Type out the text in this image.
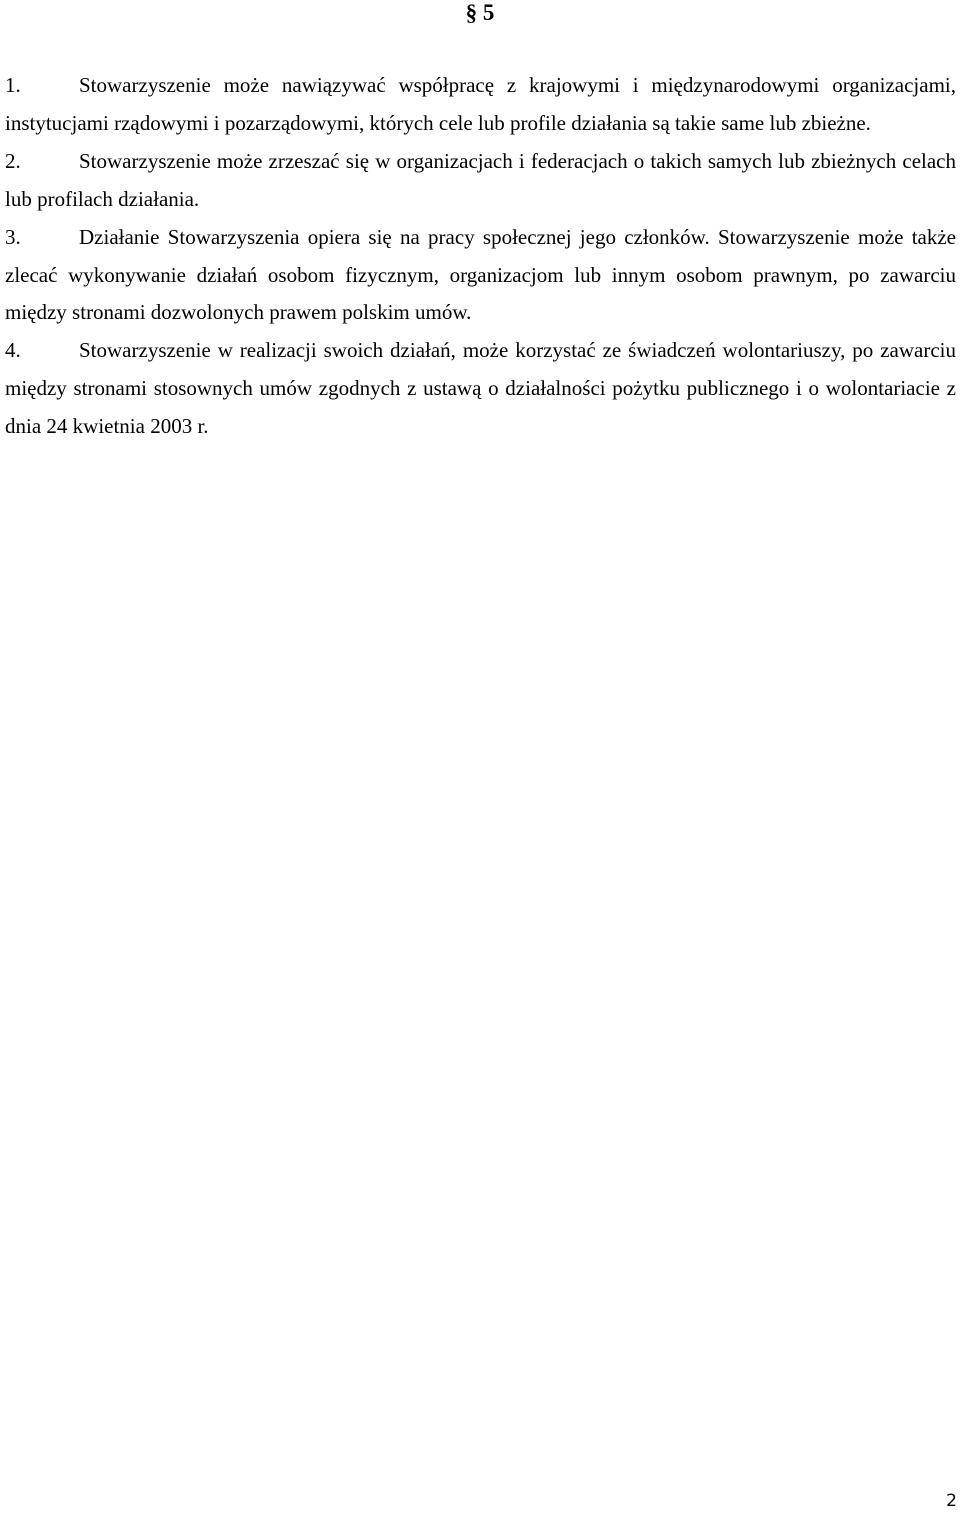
§ 5

1.	Stowarzyszenie może nawiązywać współpracę z krajowymi i międzynarodowymi organizacjami, instytucjami rządowymi i pozarządowymi, których cele lub profile działania są takie same lub zbieżne.

2.	Stowarzyszenie może zrzeszać się w organizacjach i federacjach o takich samych lub zbieżnych celach lub profilach działania.

3.	Działanie Stowarzyszenia opiera się na pracy społecznej jego członków. Stowarzyszenie może także zlecać wykonywanie działań osobom fizycznym, organizacjom lub innym osobom prawnym, po zawarciu między stronami dozwolonych prawem polskim umów.

4.	Stowarzyszenie w realizacji swoich działań, może korzystać ze świadczeń wolontariuszy, po zawarciu między stronami stosownych umów zgodnych z ustawą o działalności pożytku publicznego i o wolontariacie z dnia 24 kwietnia 2003 r.

2
